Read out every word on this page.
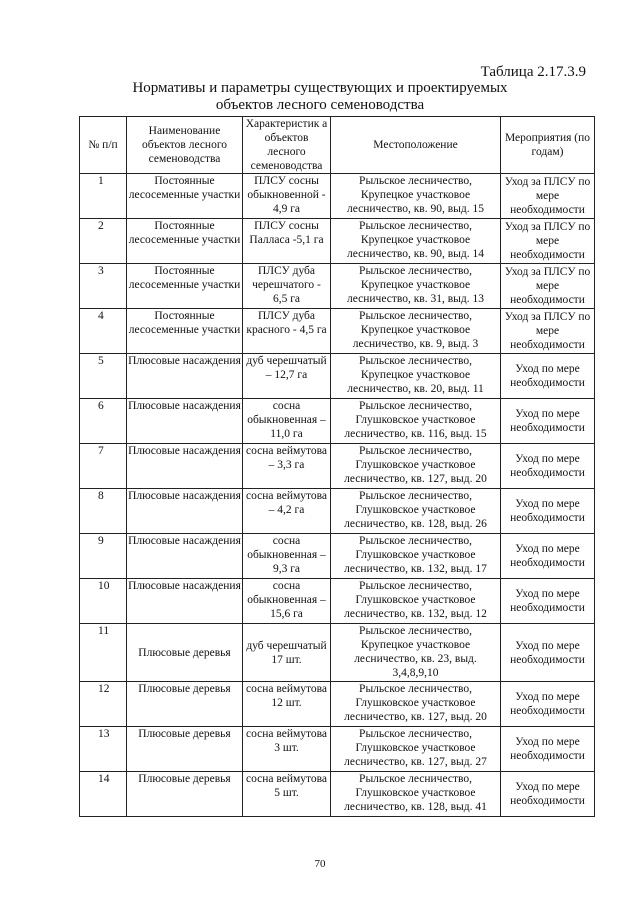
Таблица 2.17.3.9
Нормативы и параметры существующих и проектируемых объектов лесного семеноводства
№ п/п	Наименование объектов лесного семеноводства	Характеристик а объектов лесного семеноводства	Местоположение	Мероприятия (по годам)
1	Постоянные лесосеменные участки	ПЛСУ сосны обыкновенной - 4,9 га	Рыльское лесничество, Крупецкое участковое лесничество, кв. 90, выд. 15	Уход за ПЛСУ по мере необходимости
2	Постоянные лесосеменные участки	ПЛСУ сосны Палласа -5,1 га	Рыльское лесничество, Крупецкое участковое лесничество, кв. 90, выд. 14	Уход за ПЛСУ по мере необходимости
3	Постоянные лесосеменные участки	ПЛСУ дуба черешчатого - 6,5 га	Рыльское лесничество, Крупецкое участковое лесничество, кв. 31, выд. 13	Уход за ПЛСУ по мере необходимости
4	Постоянные лесосеменные участки	ПЛСУ дуба красного - 4,5 га	Рыльское лесничество, Крупецкое участковое лесничество, кв. 9, выд. 3	Уход за ПЛСУ по мере необходимости
5	Плюсовые насаждения	дуб черешчатый – 12,7 га	Рыльское лесничество, Крупецкое участковое лесничество, кв. 20, выд. 11	Уход по мере необходимости
6	Плюсовые насаждения	сосна обыкновенная – 11,0 га	Рыльское лесничество, Глушковское участковое лесничество, кв. 116, выд. 15	Уход по мере необходимости
7	Плюсовые насаждения	сосна веймутова – 3,3 га	Рыльское лесничество, Глушковское участковое лесничество, кв. 127, выд. 20	Уход по мере необходимости
8	Плюсовые насаждения	сосна веймутова – 4,2 га	Рыльское лесничество, Глушковское участковое лесничество, кв. 128, выд. 26	Уход по мере необходимости
9	Плюсовые насаждения	сосна обыкновенная – 9,3 га	Рыльское лесничество, Глушковское участковое лесничество, кв. 132, выд. 17	Уход по мере необходимости
10	Плюсовые насаждения	сосна обыкновенная – 15,6 га	Рыльское лесничество, Глушковское участковое лесничество, кв. 132, выд. 12	Уход по мере необходимости
11	Плюсовые деревья	дуб черешчатый 17 шт.	Рыльское лесничество, Крупецкое участковое лесничество, кв. 23, выд. 3,4,8,9,10	Уход по мере необходимости
12	Плюсовые деревья	сосна веймутова 12 шт.	Рыльское лесничество, Глушковское участковое лесничество, кв. 127, выд. 20	Уход по мере необходимости
13	Плюсовые деревья	сосна веймутова 3 шт.	Рыльское лесничество, Глушковское участковое лесничество, кв. 127, выд. 27	Уход по мере необходимости
14	Плюсовые деревья	сосна веймутова 5 шт.	Рыльское лесничество, Глушковское участковое лесничество, кв. 128, выд. 41	Уход по мере необходимости
70
